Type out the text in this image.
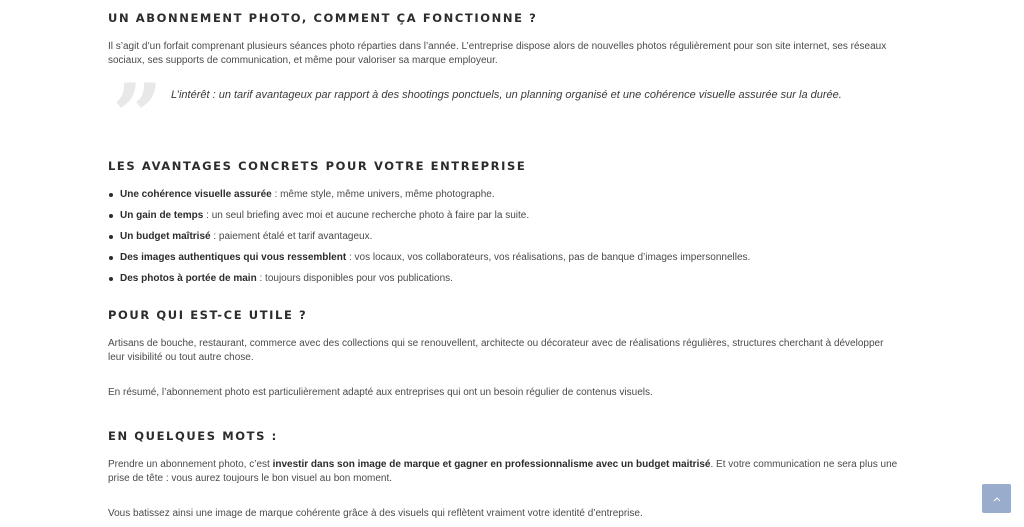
UN ABONNEMENT PHOTO, COMMENT ÇA FONCTIONNE ?

Il s’agit d’un forfait comprenant plusieurs séances photo réparties dans l’année. L’entreprise dispose alors de nouvelles photos régulièrement pour son site internet, ses réseaux sociaux, ses supports de communication, et même pour valoriser sa marque employeur.

” L’intérêt : un tarif avantageux par rapport à des shootings ponctuels, un planning organisé et une cohérence visuelle assurée sur la durée.
LES AVANTAGES CONCRETS POUR VOTRE ENTREPRISE
Une cohérence visuelle assurée : même style, même univers, même photographe.
Un gain de temps : un seul briefing avec moi et aucune recherche photo à faire par la suite.
Un budget maîtrisé : paiement étalé et tarif avantageux.
Des images authentiques qui vous ressemblent : vos locaux, vos collaborateurs, vos réalisations, pas de banque d’images impersonnelles.
Des photos à portée de main : toujours disponibles pour vos publications.
POUR QUI EST-CE UTILE ?

Artisans de bouche, restaurant, commerce avec des collections qui se renouvellent, architecte ou décorateur avec de réalisations régulières, structures cherchant à développer leur visibilité ou tout autre chose.

En résumé, l’abonnement photo est particulièrement adapté aux entreprises qui ont un besoin régulier de contenus visuels.

EN QUELQUES MOTS :

Prendre un abonnement photo, c’est investir dans son image de marque et gagner en professionnalisme avec un budget maitrisé. Et votre communication ne sera plus une prise de tête : vous aurez toujours le bon visuel au bon moment.

Vous batissez ainsi une image de marque cohérente grâce à des visuels qui reflètent vraiment votre identité d’entreprise.
